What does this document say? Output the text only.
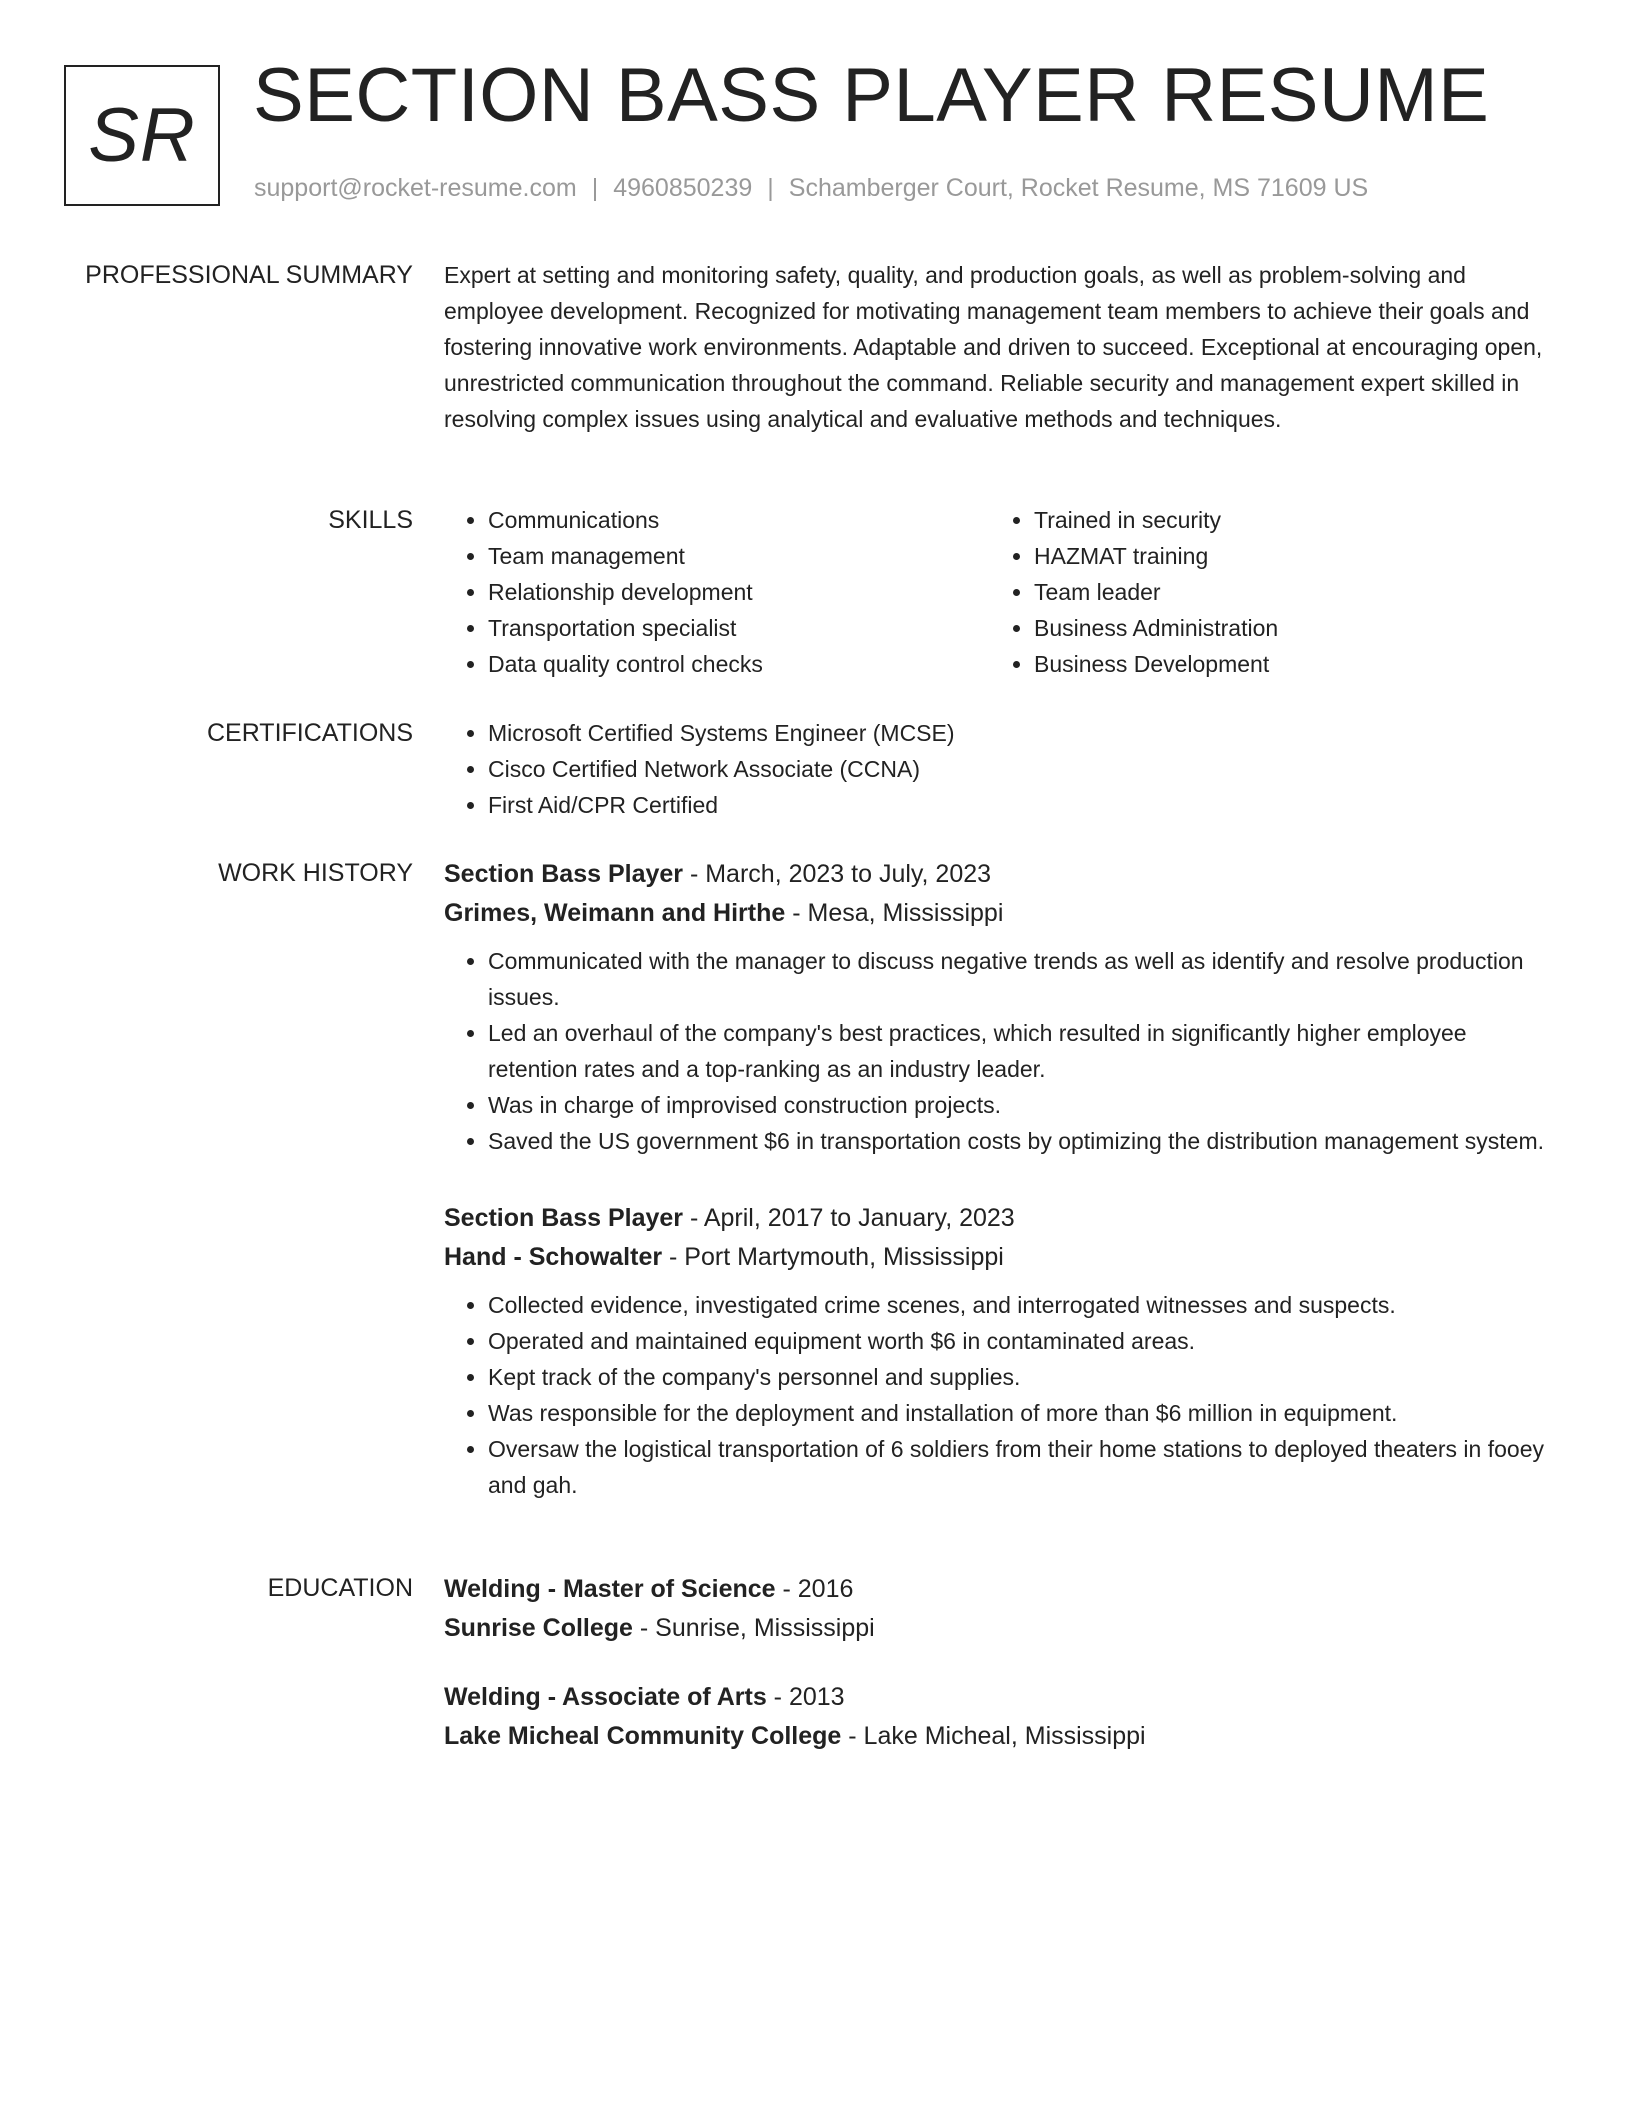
SR SECTION BASS PLAYER RESUME
support@rocket-resume.com | 4960850239 | Schamberger Court, Rocket Resume, MS 71609 US
PROFESSIONAL SUMMARY Expert at setting and monitoring safety, quality, and production goals, as well as problem-solving and employee development. Recognized for motivating management team members to achieve their goals and fostering innovative work environments. Adaptable and driven to succeed. Exceptional at encouraging open, unrestricted communication throughout the command. Reliable security and management expert skilled in resolving complex issues using analytical and evaluative methods and techniques.

SKILLS	• Communications
• Team management
• Relationship development
• Transportation specialist
• Data quality control checks
• Trained in security
• HAZMAT training
• Team leader
• Business Administration
• Business Development
CERTIFICATIONS	• Microsoft Certified Systems Engineer (MCSE)
• Cisco Certified Network Associate (CCNA)
• First Aid/CPR Certified
WORK HISTORY Section Bass Player - March, 2023 to July, 2023
Grimes, Weimann and Hirthe - Mesa, Mississippi
• Communicated with the manager to discuss negative trends as well as identify and resolve production issues.
• Led an overhaul of the company's best practices, which resulted in significantly higher employee retention rates and a top-ranking as an industry leader.
• Was in charge of improvised construction projects.
• Saved the US government $6 in transportation costs by optimizing the distribution management system.
Section Bass Player - April, 2017 to January, 2023
Hand - Schowalter - Port Martymouth, Mississippi
• Collected evidence, investigated crime scenes, and interrogated witnesses and suspects.
• Operated and maintained equipment worth $6 in contaminated areas.
• Kept track of the company's personnel and supplies.
• Was responsible for the deployment and installation of more than $6 million in equipment.
• Oversaw the logistical transportation of 6 soldiers from their home stations to deployed theaters in fooey and gah.
EDUCATION Welding - Master of Science - 2016
Sunrise College - Sunrise, Mississippi
Welding - Associate of Arts - 2013
Lake Micheal Community College - Lake Micheal, Mississippi
